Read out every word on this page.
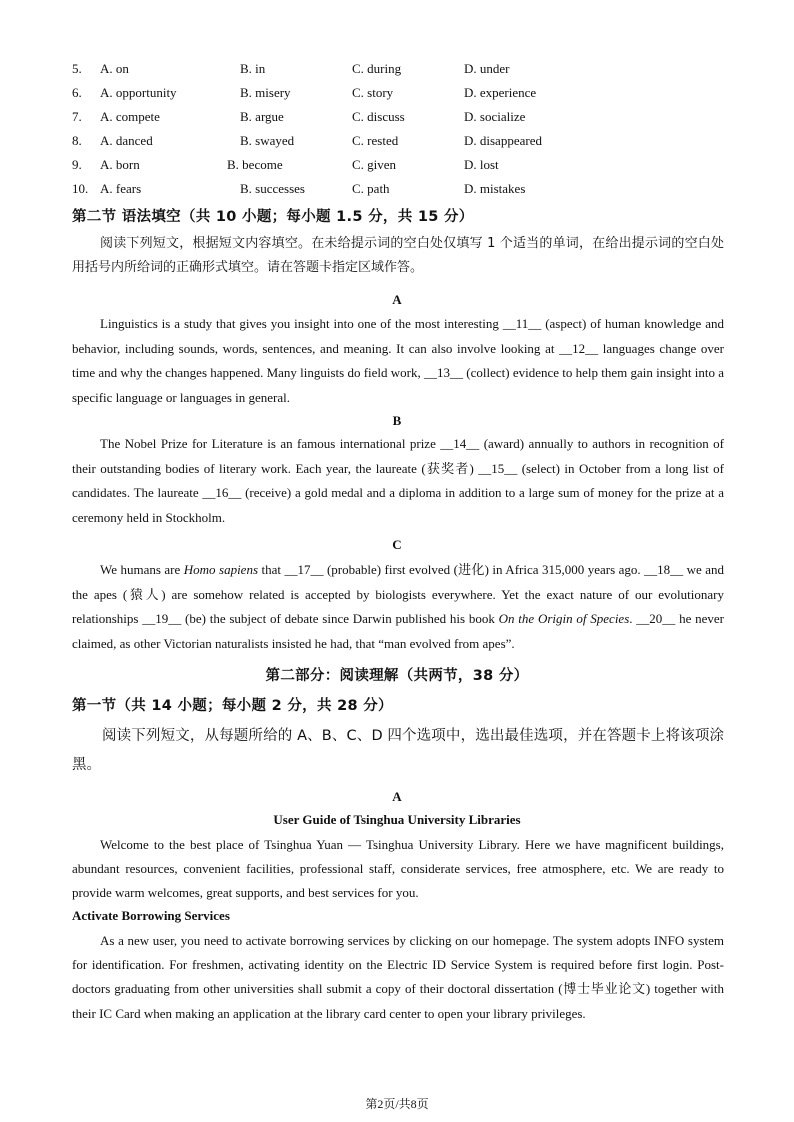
5. A. on	B. in	C. during	D. under
6. A. opportunity	B. misery	C. story	D. experience
7. A. compete	B. argue	C. discuss	D. socialize
8. A. danced	B. swayed	C. rested	D. disappeared
9. A. born	B. become	C. given	D. lost
10. A. fears	B. successes	C. path	D. mistakes
第二节 语法填空（共 10 小题；每小题 1.5 分，共 15 分）
阅读下列短文，根据短文内容填空。在未给提示词的空白处仅填写 1 个适当的单词，在给出提示词的空白处用括号内所给词的正确形式填空。请在答题卡指定区域作答。
A
Linguistics is a study that gives you insight into one of the most interesting __11__ (aspect) of human knowledge and behavior, including sounds, words, sentences, and meaning. It can also involve looking at __12__ languages change over time and why the changes happened. Many linguists do field work, __13__ (collect) evidence to help them gain insight into a specific language or languages in general.
B
The Nobel Prize for Literature is an famous international prize __14__ (award) annually to authors in recognition of their outstanding bodies of literary work. Each year, the laureate (获奖者) __15__ (select) in October from a long list of candidates. The laureate __16__ (receive) a gold medal and a diploma in addition to a large sum of money for the prize at a ceremony held in Stockholm.
C
We humans are Homo sapiens that __17__ (probable) first evolved (进化) in Africa 315,000 years ago. __18__ we and the apes (猿人) are somehow related is accepted by biologists everywhere. Yet the exact nature of our evolutionary relationships __19__ (be) the subject of debate since Darwin published his book On the Origin of Species. __20__ he never claimed, as other Victorian naturalists insisted he had, that “man evolved from apes”.
第二部分：阅读理解（共两节，38 分）
第一节（共 14 小题；每小题 2 分，共 28 分）
阅读下列短文，从每题所给的 A、B、C、D 四个选项中，选出最佳选项，并在答题卡上将该项涂黑。
A
User Guide of Tsinghua University Libraries
Welcome to the best place of Tsinghua Yuan — Tsinghua University Library. Here we have magnificent buildings, abundant resources, convenient facilities, professional staff, considerate services, free atmosphere, etc. We are ready to provide warm welcomes, great supports, and best services for you.
Activate Borrowing Services
As a new user, you need to activate borrowing services by clicking on our homepage. The system adopts INFO system for identification. For freshmen, activating identity on the Electric ID Service System is required before first login. Post-doctors graduating from other universities shall submit a copy of their doctoral dissertation (博士毕业论文) together with their IC Card when making an application at the library card center to open your library privileges.
第2页/共8页
